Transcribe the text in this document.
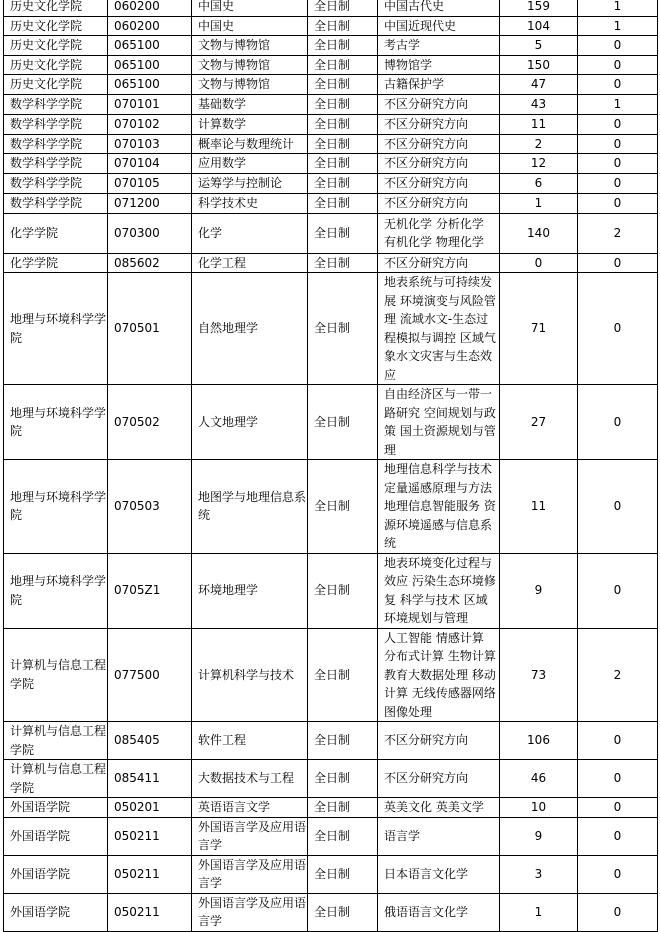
历史文化学院	060200	中国史	全日制	中国古代史	159	1
历史文化学院	060200	中国史	全日制	中国近现代史	104	1
历史文化学院	065100	文物与博物馆	全日制	考古学	5	0
历史文化学院	065100	文物与博物馆	全日制	博物馆学	150	0
历史文化学院	065100	文物与博物馆	全日制	古籍保护学	47	0
数学科学学院	070101	基础数学	全日制	不区分研究方向	43	1
数学科学学院	070102	计算数学	全日制	不区分研究方向	11	0
数学科学学院	070103	概率论与数理统计	全日制	不区分研究方向	2	0
数学科学学院	070104	应用数学	全日制	不区分研究方向	12	0
数学科学学院	070105	运筹学与控制论	全日制	不区分研究方向	6	0
数学科学学院	071200	科学技术史	全日制	不区分研究方向	1	0
化学学院	070300	化学	全日制	无机化学 分析化学 有机化学 物理化学	140	2
化学学院	085602	化学工程	全日制	不区分研究方向	0	0
地理与环境科学学院	070501	自然地理学	全日制	地表系统与可持续发展 环境演变与风险管理 流域水文-生态过程模拟与调控 区域气象水文灾害与生态效应	71	0
地理与环境科学学院	070502	人文地理学	全日制	自由经济区与一带一路研究 空间规划与政策 国土资源规划与管理	27	0
地理与环境科学学院	070503	地图学与地理信息系统	全日制	地理信息科学与技术 定量遥感原理与方法 地理信息智能服务 资源环境遥感与信息系统	11	0
地理与环境科学学院	0705Z1	环境地理学	全日制	地表环境变化过程与效应 污染生态环境修复 科学与技术 区域环境规划与管理	9	0
计算机与信息工程学院	077500	计算机科学与技术	全日制	人工智能 情感计算 分布式计算 生物计算 教育大数据处理 移动计算 无线传感器网络 图像处理	73	2
计算机与信息工程学院	085405	软件工程	全日制	不区分研究方向	106	0
计算机与信息工程学院	085411	大数据技术与工程	全日制	不区分研究方向	46	0
外国语学院	050201	英语语言文学	全日制	英美文化 英美文学	10	0
外国语学院	050211	外国语言学及应用语言学	全日制	语言学	9	0
外国语学院	050211	外国语言学及应用语言学	全日制	日本语言文化学	3	0
外国语学院	050211	外国语言学及应用语言学	全日制	俄语语言文化学	1	0
